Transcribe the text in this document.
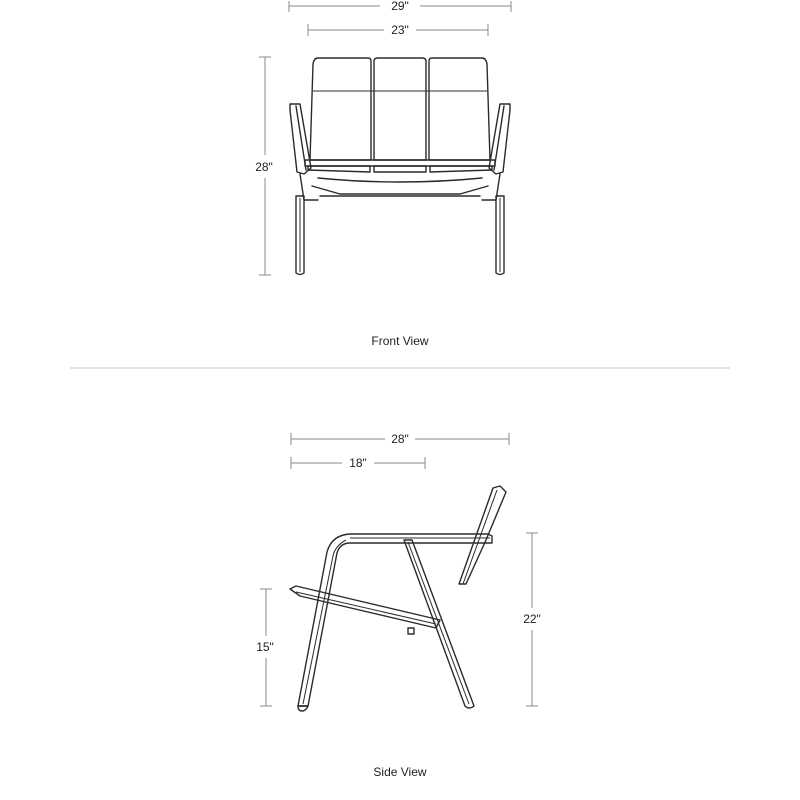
29"
23"
28"
Front View
28"
18"
15"
22"
Side View
